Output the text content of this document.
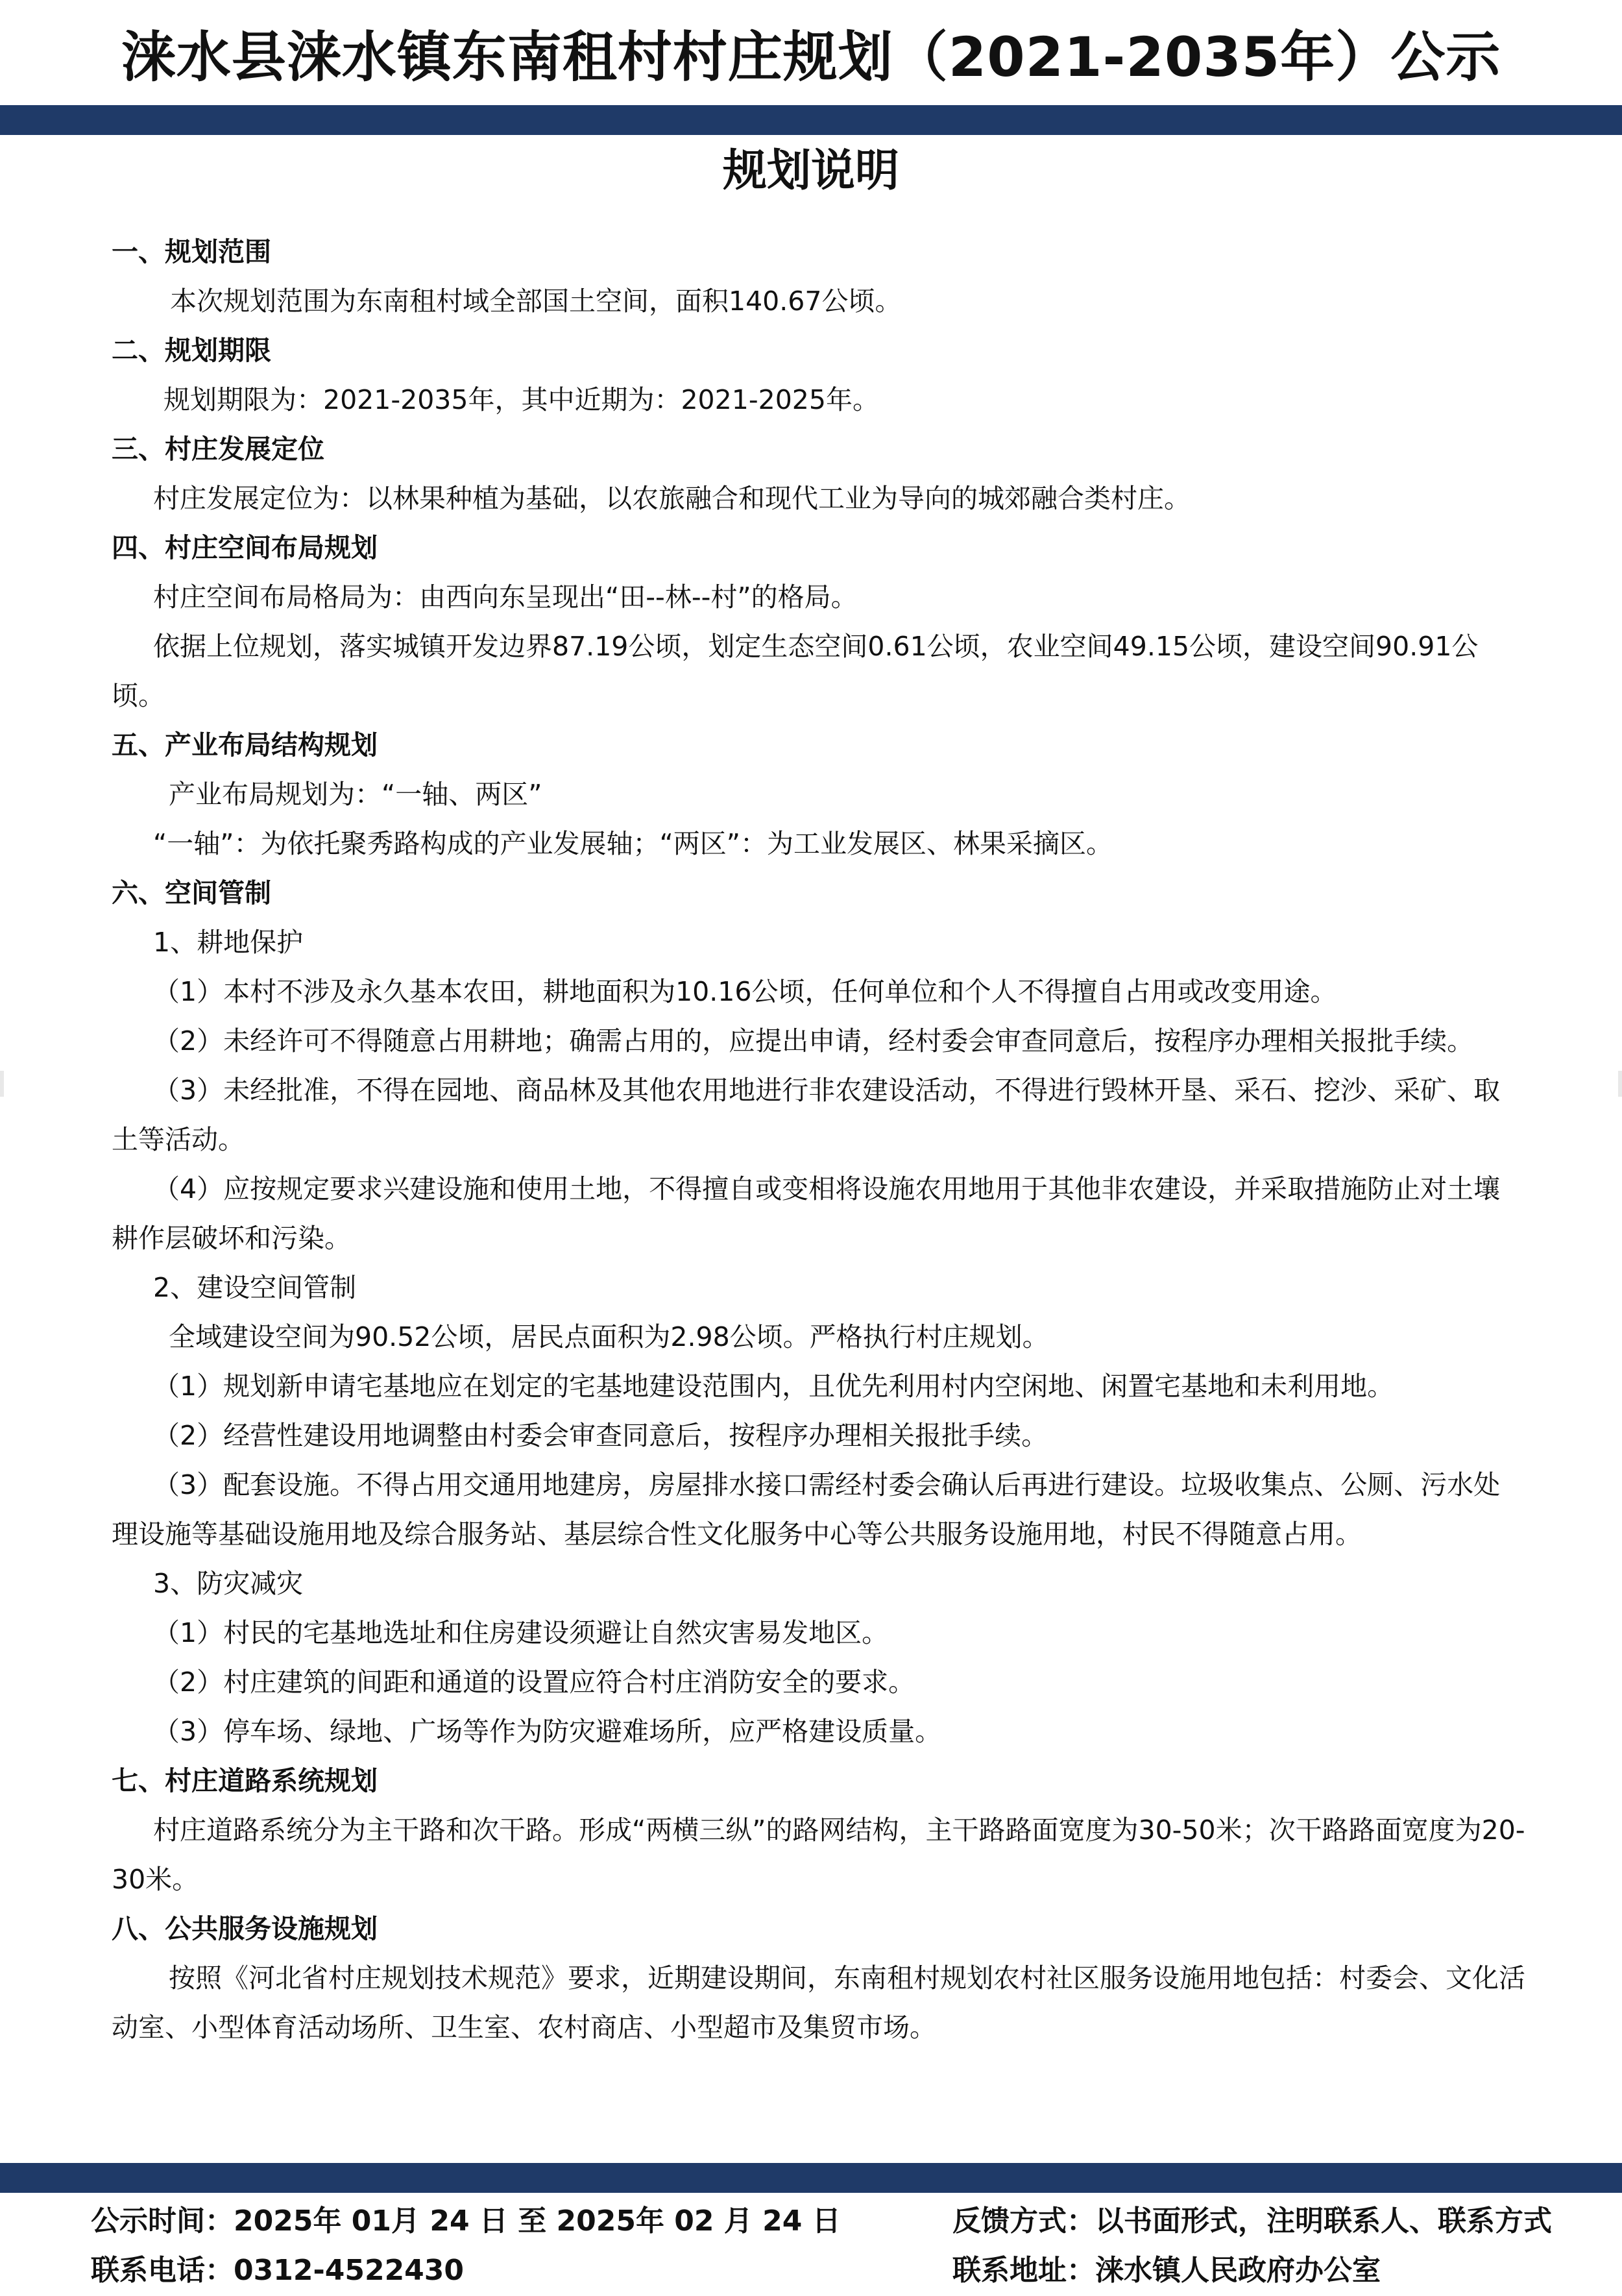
涞水县涞水镇东南租村村庄规划（2021-2035年）公示
规划说明

一、规划范围

本次规划范围为东南租村域全部国土空间，面积140.67公顷。

二、规划期限

规划期限为：2021-2035年，其中近期为：2021-2025年。

三、村庄发展定位

村庄发展定位为：以林果种植为基础，以农旅融合和现代工业为导向的城郊融合类村庄。

四、村庄空间布局规划

村庄空间布局格局为：由西向东呈现出“田--林--村”的格局。

依据上位规划，落实城镇开发边界87.19公顷，划定生态空间0.61公顷，农业空间49.15公顷，建设空间90.91公顷。

五、产业布局结构规划

产业布局规划为：“一轴、两区”

“一轴”：为依托聚秀路构成的产业发展轴；“两区”：为工业发展区、林果采摘区。

六、空间管制

1、耕地保护

（1）本村不涉及永久基本农田，耕地面积为10.16公顷，任何单位和个人不得擅自占用或改变用途。

（2）未经许可不得随意占用耕地；确需占用的，应提出申请，经村委会审查同意后，按程序办理相关报批手续。

（3）未经批准，不得在园地、商品林及其他农用地进行非农建设活动，不得进行毁林开垦、采石、挖沙、采矿、取土等活动。

（4）应按规定要求兴建设施和使用土地，不得擅自或变相将设施农用地用于其他非农建设，并采取措施防止对土壤耕作层破坏和污染。

2、建设空间管制

全域建设空间为90.52公顷，居民点面积为2.98公顷。严格执行村庄规划。

（1）规划新申请宅基地应在划定的宅基地建设范围内，且优先利用村内空闲地、闲置宅基地和未利用地。

（2）经营性建设用地调整由村委会审查同意后，按程序办理相关报批手续。

（3）配套设施。不得占用交通用地建房，房屋排水接口需经村委会确认后再进行建设。垃圾收集点、公厕、污水处理设施等基础设施用地及综合服务站、基层综合性文化服务中心等公共服务设施用地，村民不得随意占用。

3、防灾减灾

（1）村民的宅基地选址和住房建设须避让自然灾害易发地区。

（2）村庄建筑的间距和通道的设置应符合村庄消防安全的要求。

（3）停车场、绿地、广场等作为防灾避难场所，应严格建设质量。

七、村庄道路系统规划

村庄道路系统分为主干路和次干路。形成“两横三纵”的路网结构，主干路路面宽度为30-50米；次干路路面宽度为20-30米。

八、公共服务设施规划

按照《河北省村庄规划技术规范》要求，近期建设期间，东南租村规划农村社区服务设施用地包括：村委会、文化活动室、小型体育活动场所、卫生室、农村商店、小型超市及集贸市场。

公示时间：2025年 01月 24 日 至 2025年 02 月 24 日
联系电话：0312-4522430
反馈方式：以书面形式，注明联系人、联系方式
联系地址：涞水镇人民政府办公室
